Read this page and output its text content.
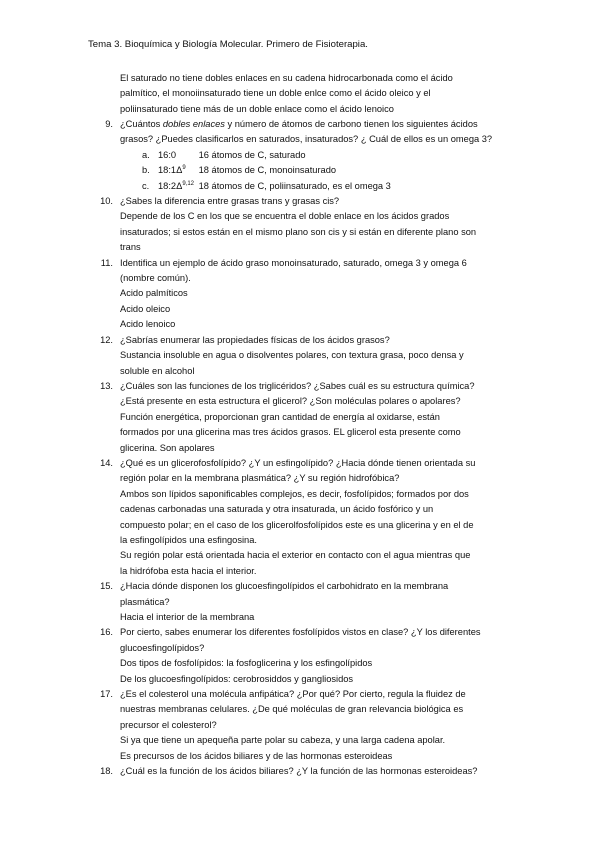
Tema 3. Bioquímica y Biología Molecular. Primero de Fisioterapia.
El saturado no tiene dobles enlaces en su cadena hidrocarbonada como el ácido
palmítico, el monoiinsaturado tiene un doble enlce como el ácido oleico y el
poliinsaturado tiene más de un doble enlace como el ácido lenoico
9. ¿Cuántos dobles enlaces y número de átomos de carbono tienen los siguientes ácidos
grasos? ¿Puedes clasificarlos en saturados, insaturados? ¿ Cuál de ellos es un omega 3?
a. 16:0 16 átomos de C, saturado
b. $18:1\Delta^9$ 18 átomos de C, monoinsaturado
c. $18:2\Delta^{9,12}$ 18 átomos de C, poliinsaturado, es el omega 3
10. ¿Sabes la diferencia entre grasas trans y grasas cis?
Depende de los C en los que se encuentra el doble enlace en los ácidos grados
insaturados; si estos están en el mismo plano son cis y si están en diferente plano son
trans
11. Identifica un ejemplo de ácido graso monoinsaturado, saturado, omega 3 y omega 6
(nombre común).
Acido palmíticos
Acido oleico
Acido lenoico
12. ¿Sabrías enumerar las propiedades físicas de los ácidos grasos?
Sustancia insoluble en agua o disolventes polares, con textura grasa, poco densa y
soluble en alcohol
13. ¿Cuáles son las funciones de los triglicéridos? ¿Sabes cuál es su estructura química?
¿Está presente en esta estructura el glicerol? ¿Son moléculas polares o apolares?
Función energética, proporcionan gran cantidad de energía al oxidarse, están
formados por una glicerina mas tres ácidos grasos. EL glicerol esta presente como
glicerina. Son apolares
14. ¿Qué es un glicerofosfolípido? ¿Y un esfingolípido? ¿Hacia dónde tienen orientada su
región polar en la membrana plasmática? ¿Y su región hidrofóbica?
Ambos son lípidos saponificables complejos, es decir, fosfolípidos; formados por dos
cadenas carbonadas una saturada y otra insaturada, un ácido fosfórico y un
compuesto polar; en el caso de los glicerolfosfolípidos este es una glicerina y en el de
la esfingolípidos una esfingosina.
Su región polar está orientada hacia el exterior en contacto con el agua mientras que
la hidrófoba esta hacia el interior.
15. ¿Hacia dónde disponen los glucoesfingolípidos el carbohidrato en la membrana
plasmática?
Hacia el interior de la membrana
16. Por cierto, sabes enumerar los diferentes fosfolípidos vistos en clase? ¿Y los diferentes
glucoesfingolípidos?
Dos tipos de fosfolípidos: la fosfoglicerina y los esfingolípidos
De los glucoesfingolípidos: cerobrosiddos y gangliosidos
17. ¿Es el colesterol una molécula anfipática? ¿Por qué? Por cierto, regula la fluidez de
nuestras membranas celulares. ¿De qué moléculas de gran relevancia biológica es
precursor el colesterol?
Si ya que tiene un apequeña parte polar su cabeza, y una larga cadena apolar.
Es precursos de los ácidos biliares y de las hormonas esteroideas
18. ¿Cuál es la función de los ácidos biliares? ¿Y la función de las hormonas esteroideas?
